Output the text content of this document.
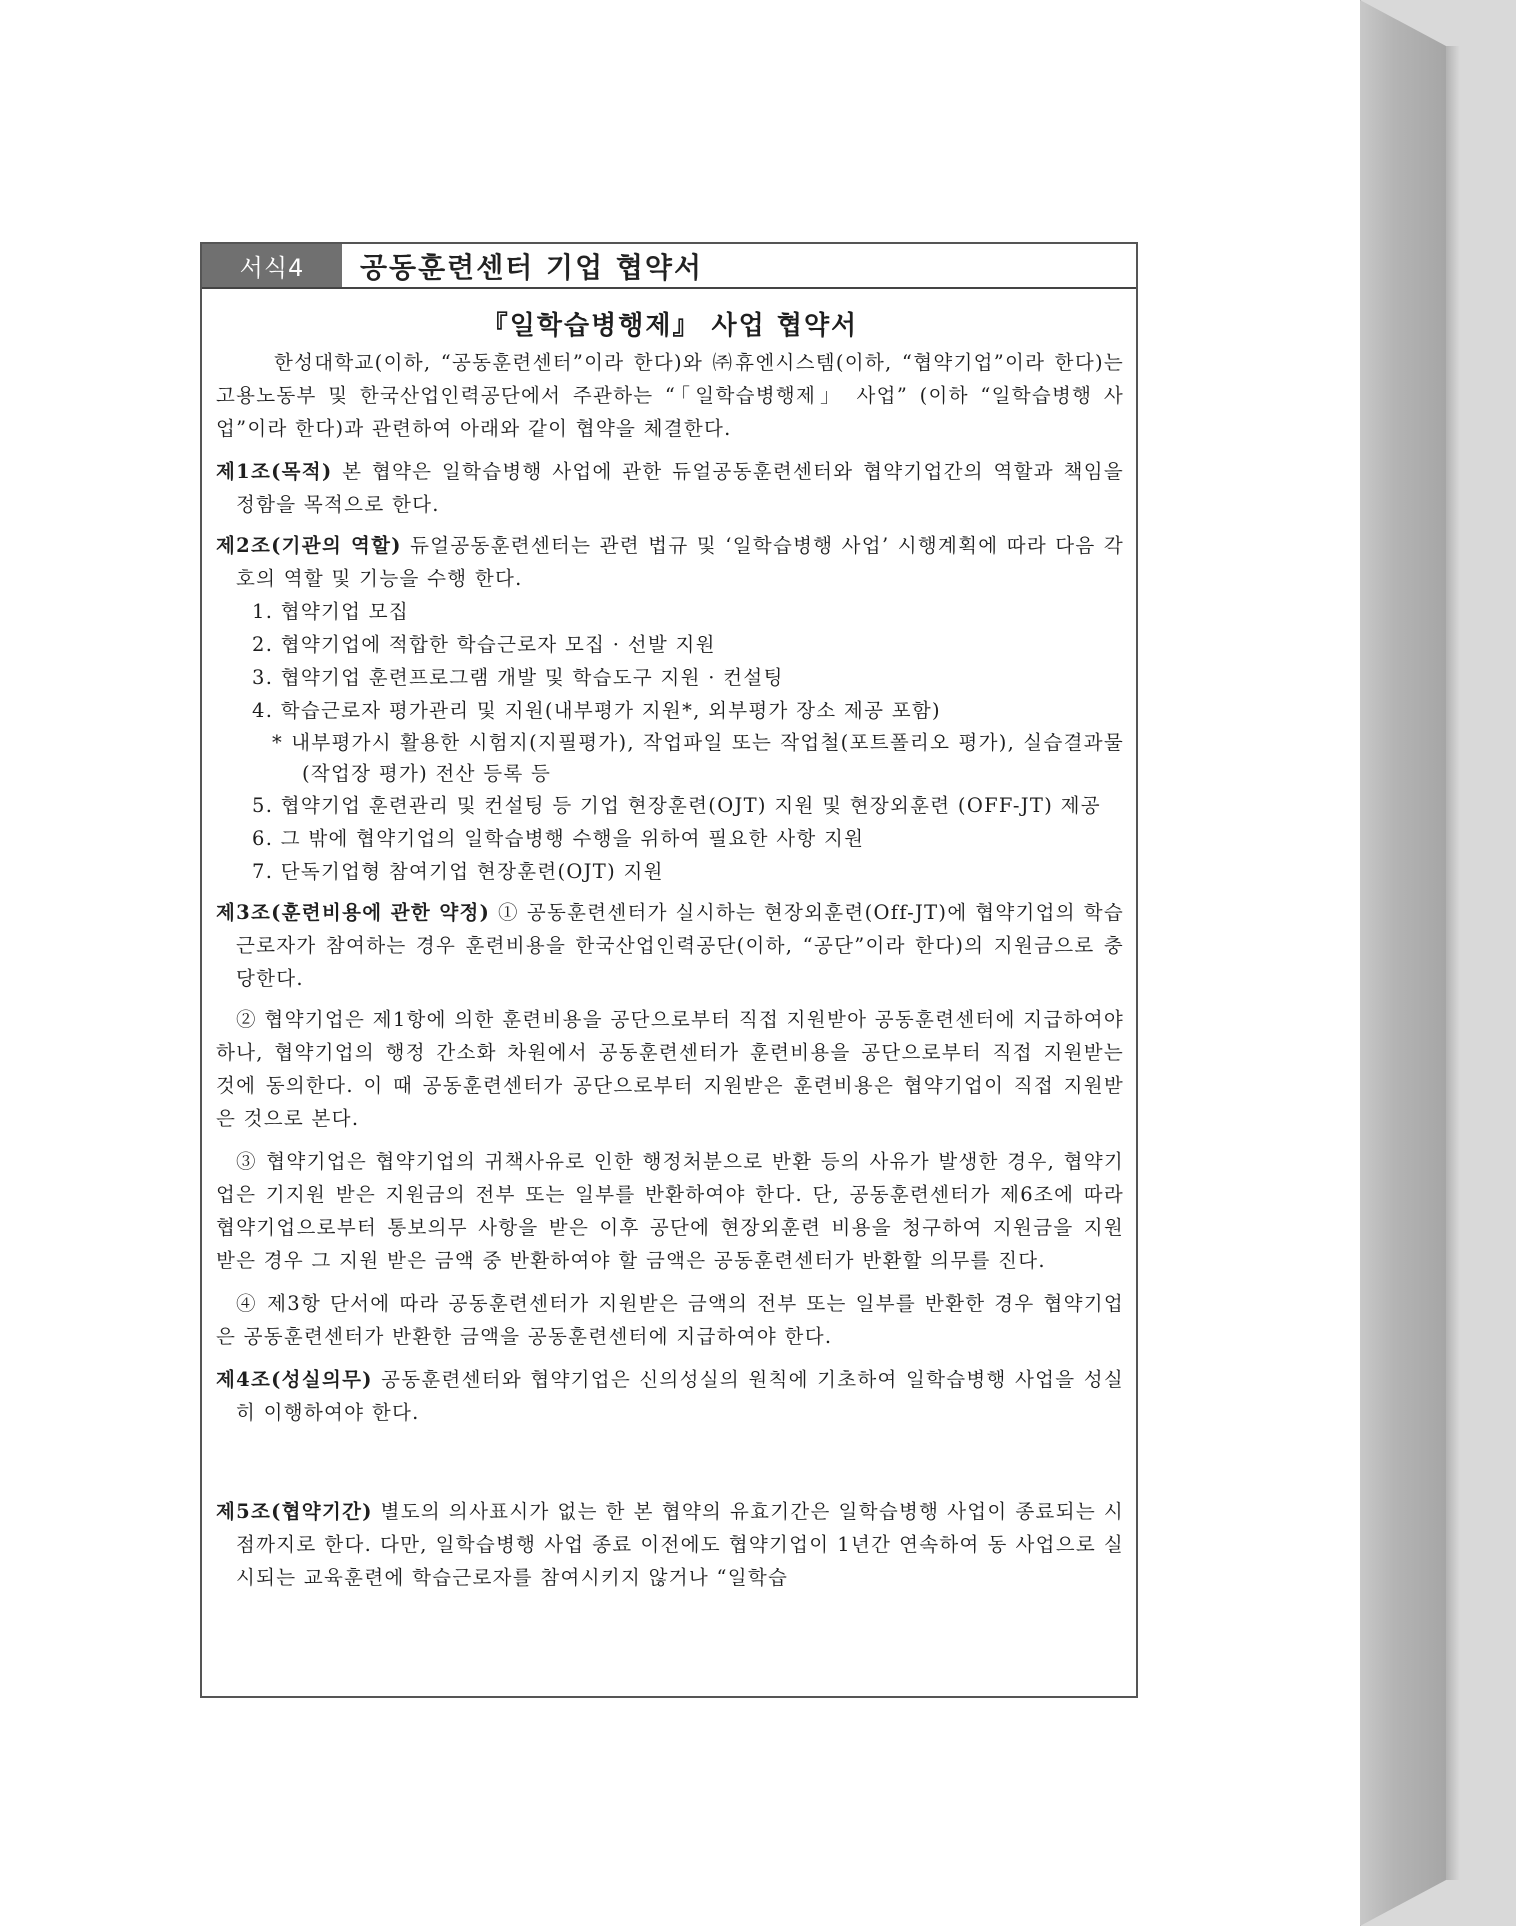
서식4	공동훈련센터 기업 협약서

『일학습병행제』 사업 협약서

한성대학교(이하, “공동훈련센터”이라 한다)와 ㈜휴엔시스템(이하, “협약기업”이라 한다)는 고용노동부 및 한국산업인력공단에서 주관하는 “「일학습병행제」 사업” (이하 “일학습병행 사업”이라 한다)과 관련하여 아래와 같이 협약을 체결한다.

제1조(목적) 본 협약은 일학습병행 사업에 관한 듀얼공동훈련센터와 협약기업간의 역할과 책임을 정함을 목적으로 한다.

제2조(기관의 역할) 듀얼공동훈련센터는 관련 법규 및 ‘일학습병행 사업’ 시행계획에 따라 다음 각 호의 역할 및 기능을 수행 한다.

1. 협약기업 모집

2. 협약기업에 적합한 학습근로자 모집 · 선발 지원

3. 협약기업 훈련프로그램 개발 및 학습도구 지원 · 컨설팅

4. 학습근로자 평가관리 및 지원(내부평가 지원*, 외부평가 장소 제공 포함)

* 내부평가시 활용한 시험지(지필평가), 작업파일 또는 작업철(포트폴리오 평가), 실습결과물(작업장 평가) 전산 등록 등

5. 협약기업 훈련관리 및 컨설팅 등 기업 현장훈련(OJT) 지원 및 현장외훈련 (OFF-JT) 제공

6. 그 밖에 협약기업의 일학습병행 수행을 위하여 필요한 사항 지원

7. 단독기업형 참여기업 현장훈련(OJT) 지원

제3조(훈련비용에 관한 약정) ① 공동훈련센터가 실시하는 현장외훈련(Off-JT)에 협약기업의 학습근로자가 참여하는 경우 훈련비용을 한국산업인력공단(이하, “공단”이라 한다)의 지원금으로 충당한다.

② 협약기업은 제1항에 의한 훈련비용을 공단으로부터 직접 지원받아 공동훈련센터에 지급하여야 하나, 협약기업의 행정 간소화 차원에서 공동훈련센터가 훈련비용을 공단으로부터 직접 지원받는 것에 동의한다. 이 때 공동훈련센터가 공단으로부터 지원받은 훈련비용은 협약기업이 직접 지원받은 것으로 본다.

③ 협약기업은 협약기업의 귀책사유로 인한 행정처분으로 반환 등의 사유가 발생한 경우, 협약기업은 기지원 받은 지원금의 전부 또는 일부를 반환하여야 한다. 단, 공동훈련센터가 제6조에 따라 협약기업으로부터 통보의무 사항을 받은 이후 공단에 현장외훈련 비용을 청구하여 지원금을 지원 받은 경우 그 지원 받은 금액 중 반환하여야 할 금액은 공동훈련센터가 반환할 의무를 진다.

④ 제3항 단서에 따라 공동훈련센터가 지원받은 금액의 전부 또는 일부를 반환한 경우 협약기업은 공동훈련센터가 반환한 금액을 공동훈련센터에 지급하여야 한다.

제4조(성실의무) 공동훈련센터와 협약기업은 신의성실의 원칙에 기초하여 일학습병행 사업을 성실히 이행하여야 한다.

제5조(협약기간) 별도의 의사표시가 없는 한 본 협약의 유효기간은 일학습병행 사업이 종료되는 시점까지로 한다. 다만, 일학습병행 사업 종료 이전에도 협약기업이 1년간 연속하여 동 사업으로 실시되는 교육훈련에 학습근로자를 참여시키지 않거나 “일학습
